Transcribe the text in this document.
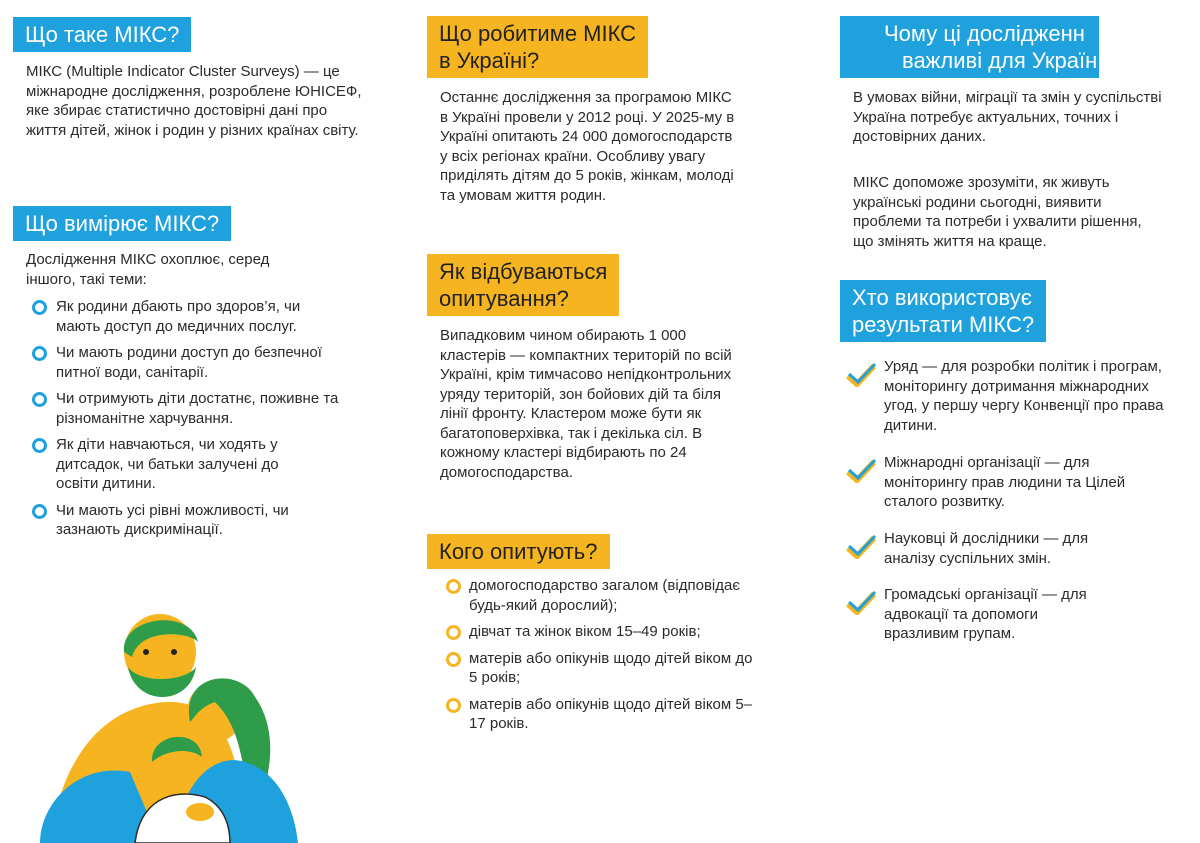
Що таке МІКС?

МІКС (Multiple Indicator Cluster Surveys) — це міжнародне дослідження, розроблене ЮНІСЕФ, яке збирає статистично достовірні дані про життя дітей, жінок і родин у різних країнах світу.

Що вимірює МІКС?

Дослідження МІКС охоплює, серед іншого, такі теми:

Як родини дбають про здоров’я, чи мають доступ до медичних послуг.
Чи мають родини доступ до безпечної питної води, санітарії.
Чи отримують діти достатнє, поживне та різноманітне харчування.
Як діти навчаються, чи ходять у дитсадок, чи батьки залучені до освіти дитини.
Чи мають усі рівні можливості, чи зазнають дискримінації.
Що робитиме МІКС
в Україні?

Останнє дослідження за програмою МІКС в Україні провели у 2012 році. У 2025-му в Україні опитають 24 000 домогосподарств у всіх регіонах країни. Особливу увагу приділять дітям до 5 років, жінкам, молоді та умовам життя родин.

Як відбуваються
опитування?

Випадковим чином обирають 1 000 кластерів — компактних територій по всій Україні, крім тимчасово непідконтрольних уряду територій, зон бойових дій та біля лінії фронту. Кластером може бути як багатоповерхівка, так і декілька сіл. В кожному кластері відбирають по 24 домогосподарства.

Кого опитують?
домогосподарство загалом (відповідає будь-який дорослий);
дівчат та жінок віком 15–49 років;
матерів або опікунів щодо дітей віком до 5 років;
матерів або опікунів щодо дітей віком 5–17 років.
Чому ці дослідженн
важливі для Україн

В умовах війни, міграції та змін у суспільстві Україна потребує актуальних, точних і достовірних даних.

МІКС допоможе зрозуміти, як живуть українські родини сьогодні, виявити проблеми та потреби і ухвалити рішення, що змінять життя на краще.

Хто використовує
результати МІКС?
Уряд — для розробки політик і програм, моніторингу дотримання міжнародних угод, у першу чергу Конвенції про права дитини.
Міжнародні організації — для моніторингу прав людини та Цілей сталого розвитку.
Науковці й дослідники — для аналізу суспільних змін.
Громадські організації — для адвокації та допомоги вразливим групам.
